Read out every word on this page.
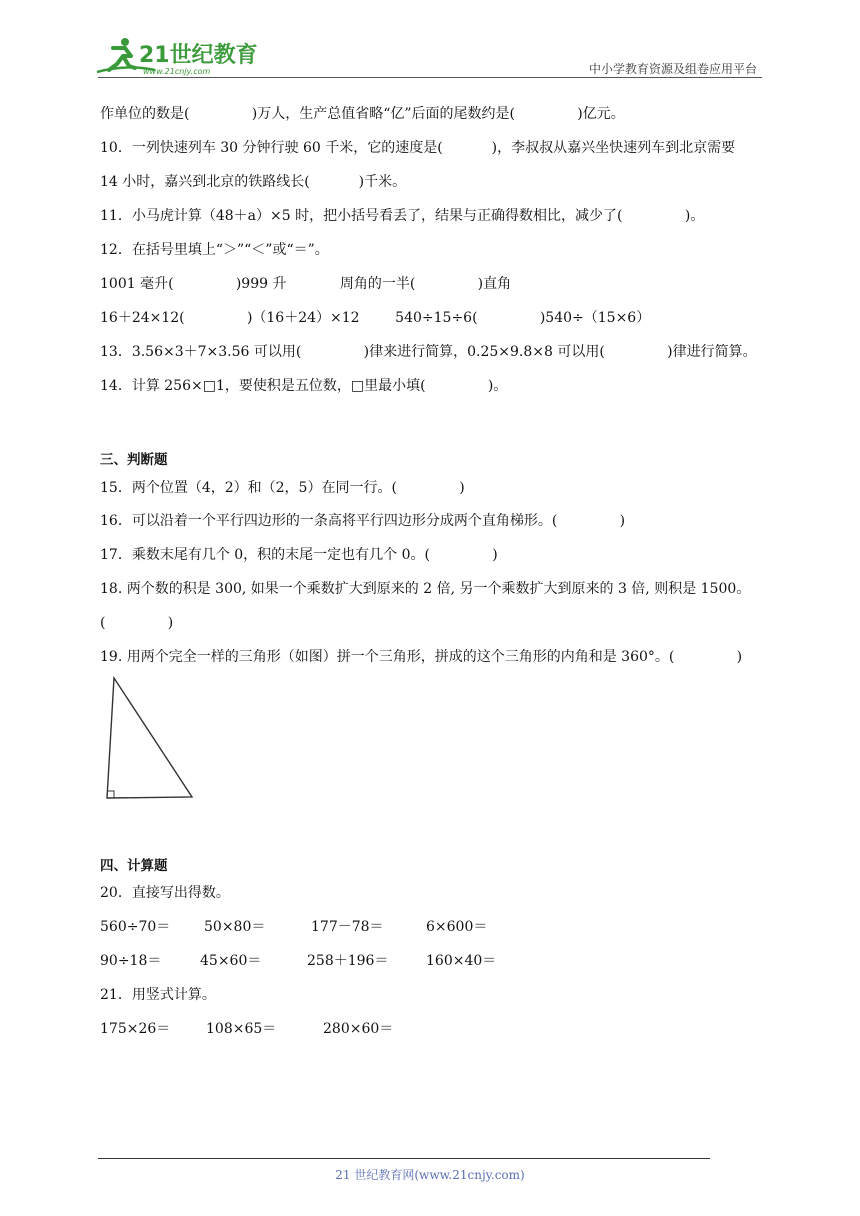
21世纪教育
www.21cnjy.com	中小学教育资源及组卷应用平台
作单位的数是(              )万人，生产总值省略“亿”后面的尾数约是(              )亿元。
10．一列快速列车 30 分钟行驶 60 千米，它的速度是(           )，李叔叔从嘉兴坐快速列车到北京需要
14 小时，嘉兴到北京的铁路线长(           )千米。
11．小马虎计算（48＋a）×5 时，把小括号看丢了，结果与正确得数相比，减少了(              )。
12．在括号里填上“＞”“＜”或“＝”。
1001 毫升(              )999 升            周角的一半(              )直角
16＋24×12(              )（16＋24）×12        540÷15÷6(              )540÷（15×6）
13．3.56×3＋7×3.56 可以用(              )律来进行简算，0.25×9.8×8 可以用(              )律进行简算。
14．计算 256×□1，要使积是五位数，□里最小填(              )。
三、判断题
15．两个位置（4，2）和（2，5）在同一行。(              )
16．可以沿着一个平行四边形的一条高将平行四边形分成两个直角梯形。(              )
17．乘数末尾有几个 0，积的末尾一定也有几个 0。(              )
18. 两个数的积是 300, 如果一个乘数扩大到原来的 2 倍, 另一个乘数扩大到原来的 3 倍, 则积是 1500。
(              )
19. 用两个完全一样的三角形（如图）拼一个三角形，拼成的这个三角形的内角和是 360°。(              )
四、计算题
20．直接写出得数。
560÷70＝ 50×80＝	177－78＝	6×600＝
90÷18＝	45×60＝	258＋196＝	160×40＝
21．用竖式计算。
175×26＝	108×65＝	280×60＝
21 世纪教育网(www.21cnjy.com)
